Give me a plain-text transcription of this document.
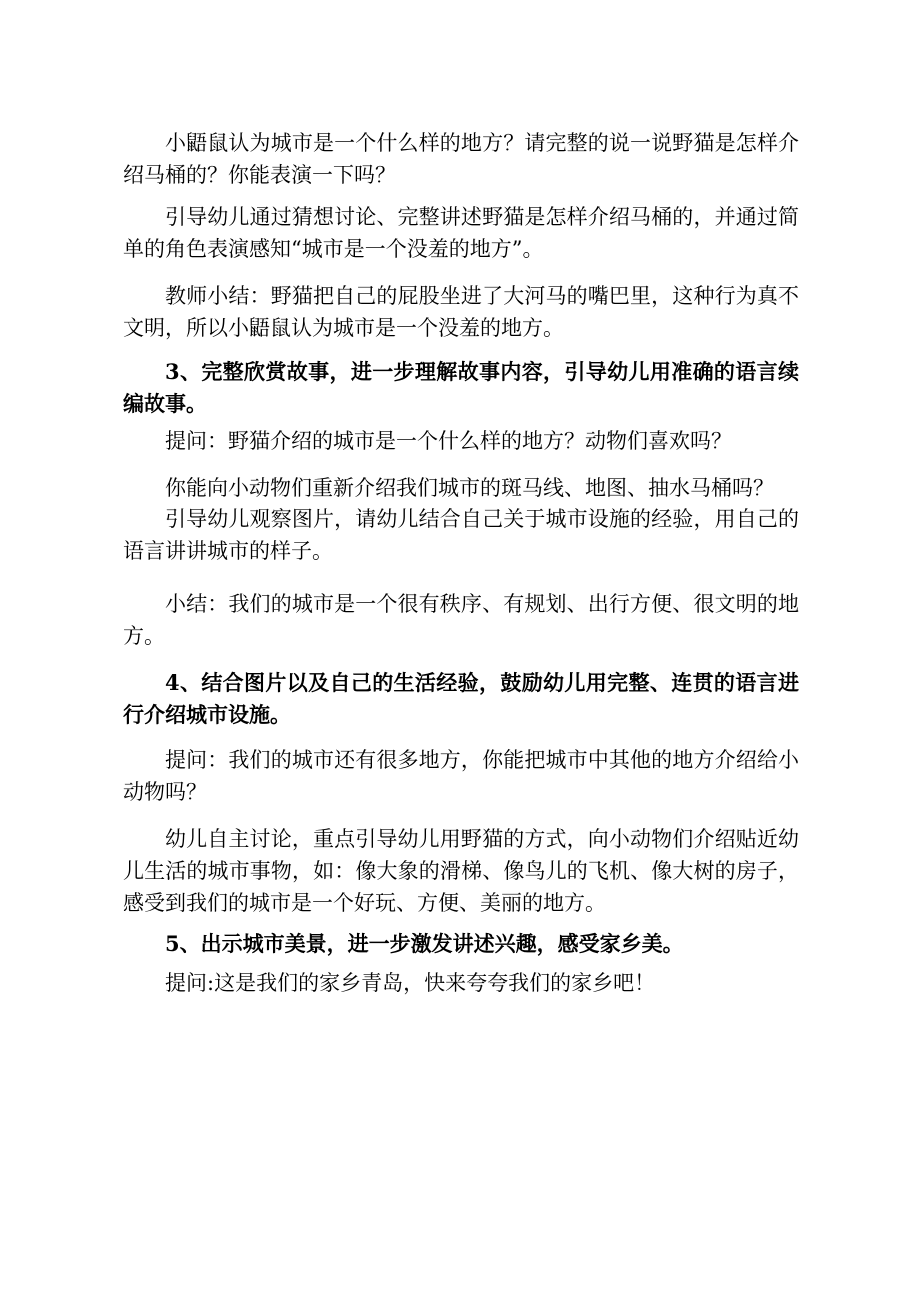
小鼯鼠认为城市是一个什么样的地方？请完整的说一说野猫是怎样介绍马桶的？你能表演一下吗？

引导幼儿通过猜想讨论、完整讲述野猫是怎样介绍马桶的，并通过简单的角色表演感知“城市是一个没羞的地方”。

教师小结：野猫把自己的屁股坐进了大河马的嘴巴里，这种行为真不文明，所以小鼯鼠认为城市是一个没羞的地方。

3、完整欣赏故事，进一步理解故事内容，引导幼儿用准确的语言续编故事。

提问：野猫介绍的城市是一个什么样的地方？动物们喜欢吗？

你能向小动物们重新介绍我们城市的斑马线、地图、抽水马桶吗？

引导幼儿观察图片，请幼儿结合自己关于城市设施的经验，用自己的语言讲讲城市的样子。

小结：我们的城市是一个很有秩序、有规划、出行方便、很文明的地方。

4、结合图片以及自己的生活经验，鼓励幼儿用完整、连贯的语言进行介绍城市设施。

提问：我们的城市还有很多地方，你能把城市中其他的地方介绍给小动物吗？

幼儿自主讨论，重点引导幼儿用野猫的方式，向小动物们介绍贴近幼儿生活的城市事物，如：像大象的滑梯、像鸟儿的飞机、像大树的房子，感受到我们的城市是一个好玩、方便、美丽的地方。

5、出示城市美景，进一步激发讲述兴趣，感受家乡美。

提问:这是我们的家乡青岛，快来夸夸我们的家乡吧！
